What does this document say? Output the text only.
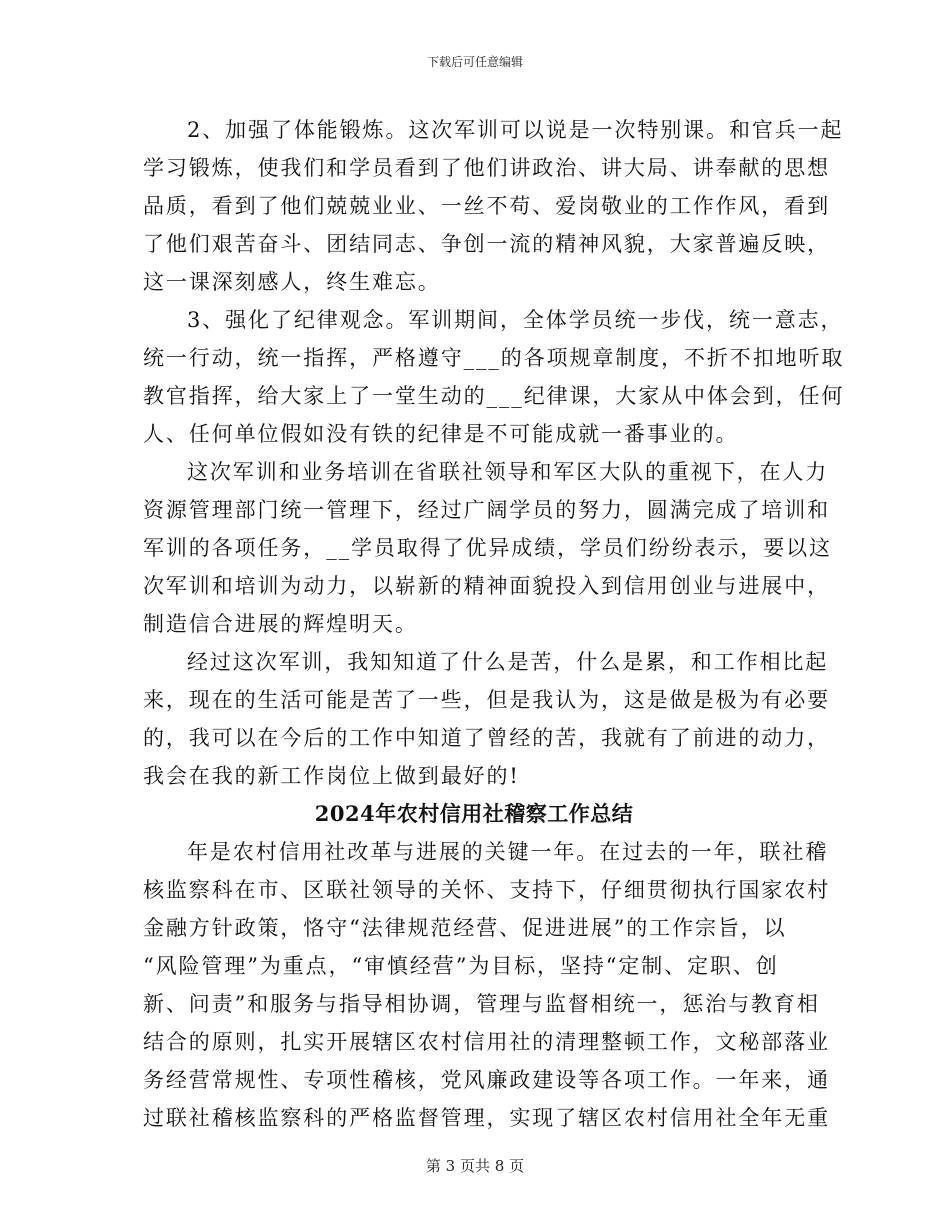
下载后可任意编辑

2、加强了体能锻炼。这次军训可以说是一次特别课。和官兵一起
学习锻炼，使我们和学员看到了他们讲政治、讲大局、讲奉献的思想
品质，看到了他们兢兢业业、一丝不苟、爱岗敬业的工作作风，看到
了他们艰苦奋斗、团结同志、争创一流的精神风貌，大家普遍反映，
这一课深刻感人，终生难忘。

3、强化了纪律观念。军训期间，全体学员统一步伐，统一意志，
统一行动，统一指挥，严格遵守___的各项规章制度，不折不扣地听取
教官指挥，给大家上了一堂生动的___纪律课，大家从中体会到，任何
人、任何单位假如没有铁的纪律是不可能成就一番事业的。

这次军训和业务培训在省联社领导和军区大队的重视下，在人力
资源管理部门统一管理下，经过广阔学员的努力，圆满完成了培训和
军训的各项任务，__学员取得了优异成绩，学员们纷纷表示，要以这
次军训和培训为动力，以崭新的精神面貌投入到信用创业与进展中，
制造信合进展的辉煌明天。

经过这次军训，我知知道了什么是苦，什么是累，和工作相比起
来，现在的生活可能是苦了一些，但是我认为，这是做是极为有必要
的，我可以在今后的工作中知道了曾经的苦，我就有了前进的动力，
我会在我的新工作岗位上做到最好的!

2024年农村信用社稽察工作总结

年是农村信用社改革与进展的关键一年。在过去的一年，联社稽
核监察科在市、区联社领导的关怀、支持下，仔细贯彻执行国家农村
金融方针政策，恪守“法律规范经营、促进进展”的工作宗旨，以
“风险管理”为重点，“审慎经营”为目标，坚持“定制、定职、创
新、问责”和服务与指导相协调，管理与监督相统一，惩治与教育相
结合的原则，扎实开展辖区农村信用社的清理整顿工作，文秘部落业
务经营常规性、专项性稽核，党风廉政建设等各项工作。一年来，通
过联社稽核监察科的严格监督管理，实现了辖区农村信用社全年无重

第 3 页共 8 页
